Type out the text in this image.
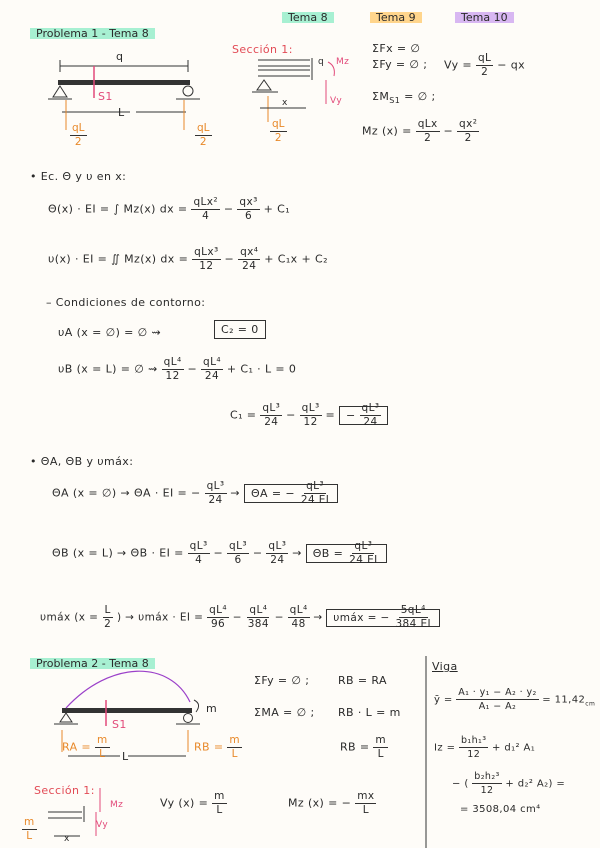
Tema 8	Tema 9	Tema 10
Problema 1 - Tema 8
q
S1
L
$\frac{qL}{2}$	$\frac{qL}{2}$
Sección 1:
q Mz
x	Vy
$\frac{qL}{2}$
ΣFx = ∅
ΣFy = ∅ ; $Vy = \frac{qL}{2}$ − qx
$\Sigma M_{S1}$ = ∅ ;
Mz $(x) = \frac{\text{qLx}}{2} - \frac{\text{qx²}}{2}$
• Ec. Θ y υ en x:
Θ(x) · EI = ∫ Mz(x) dx = $\frac{\text{qLx²}}{4} - \frac{\text{qx³}}{6} + C_1$
υ(x) · EI = ∬ Mz(x) dx = $\frac{\text{qLx³}}{12} - \frac{\text{qx⁴}}{24} + C_1x + C_2$
– Condiciones de contorno:
υA (x = ∅) = ∅ ⇝	C₂ = 0
υB (x = L) = ∅ ⇝ $\frac{\text{qL⁴}}{12} - \frac{\text{qL⁴}}{24} + C_1 \cdot L = 0$
$C_1 = \frac{\text{qL³}}{24} - \frac{\text{qL³}}{12}$ = − $\frac{\text{qL³}}{24}$
• ΘA, ΘB y υmáx:
ΘA (x = ∅) → ΘA · EI = − $\frac{\text{qL³}}{24} \to \Theta A$ = − $\frac{\text{qL³}}{24 EI}$
ΘB (x = L) → ΘB · EI = $\frac{\text{qL³}}{4} - \frac{\text{qL³}}{6} - \frac{\text{qL³}}{24} \to \Theta B = \frac{\text{qL³}}{24 EI}$
υmáx ($x = \frac{L}{2}$ ) → υmáx · EI = $\frac{\text{qL⁴}}{96} - \frac{\text{qL⁴}}{384} - \frac{\text{qL⁴}}{48}$ → υmáx = − $\frac{\text{5qL⁴}}{384 EI}$
Problema 2 - Tema 8
m
S1
L
RA = $\frac{m}{L}$	RB = $\frac{m}{L}$
ΣFy = ∅ ;	RB = RA
ΣMA = ∅ ; RB · L = m
RB = $\frac{m}{L}$
Sección 1:
Mz
Vy
x
$\frac{m}{L}$
Vy $(x) = \frac{m}{L}$	Mz (x) = − $\frac{mx}{L}$
Viga
ȳ = $\frac{\text{A₁ · y₁ − A₂ · y₂}}{\text{A₁ − A₂}} = 11,42_{cm}$
$Iz = \frac{\text{b₁h₁³}}{12} + d_1^2$ A₁
− ( $\frac{\text{b₂h₂³}}{12} + d_2^2$ A₂) =
= 3508,04 cm⁴
